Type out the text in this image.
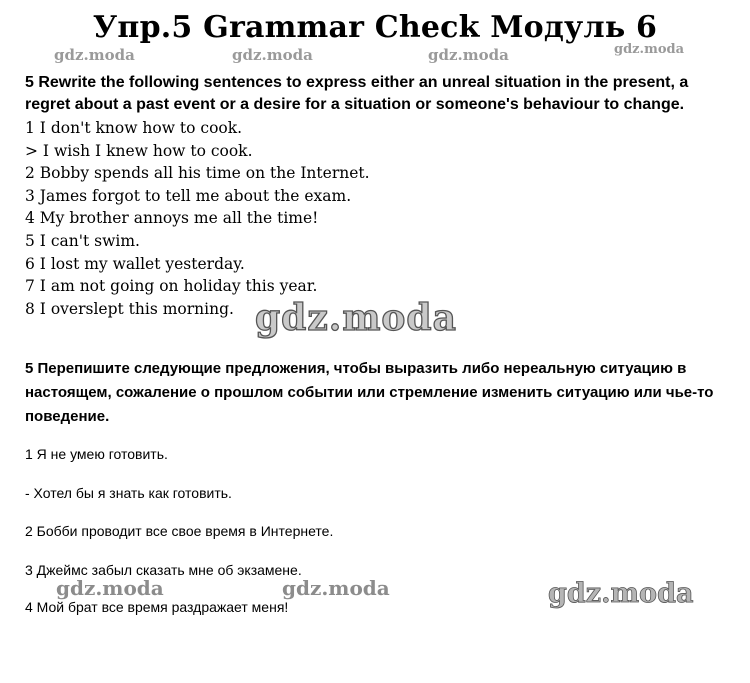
Упр.5 Grammar Check Модуль 6
gdz.moda	gdz.moda	gdz.moda	gdz.moda
gdz.moda
gdz.moda	gdz.moda	gdz.moda
5 Rewrite the following sentences to express either an unreal situation in the present, a regret about a past event or a desire for a situation or someone's behaviour to change.
1 I don't know how to cook.
> I wish I knew how to cook.
2 Bobby spends all his time on the Internet.
3 James forgot to tell me about the exam.
4 My brother annoys me all the time!
5 I can't swim.
6 I lost my wallet yesterday.
7 I am not going on holiday this year.
8 I overslept this morning.
5 Перепишите следующие предложения, чтобы выразить либо нереальную ситуацию в настоящем, сожаление о прошлом событии или стремление изменить ситуацию или чье-то поведение.
1 Я не умею готовить.
- Хотел бы я знать как готовить.
2 Бобби проводит все свое время в Интернете.
3 Джеймс забыл сказать мне об экзамене.
4 Мой брат все время раздражает меня!
